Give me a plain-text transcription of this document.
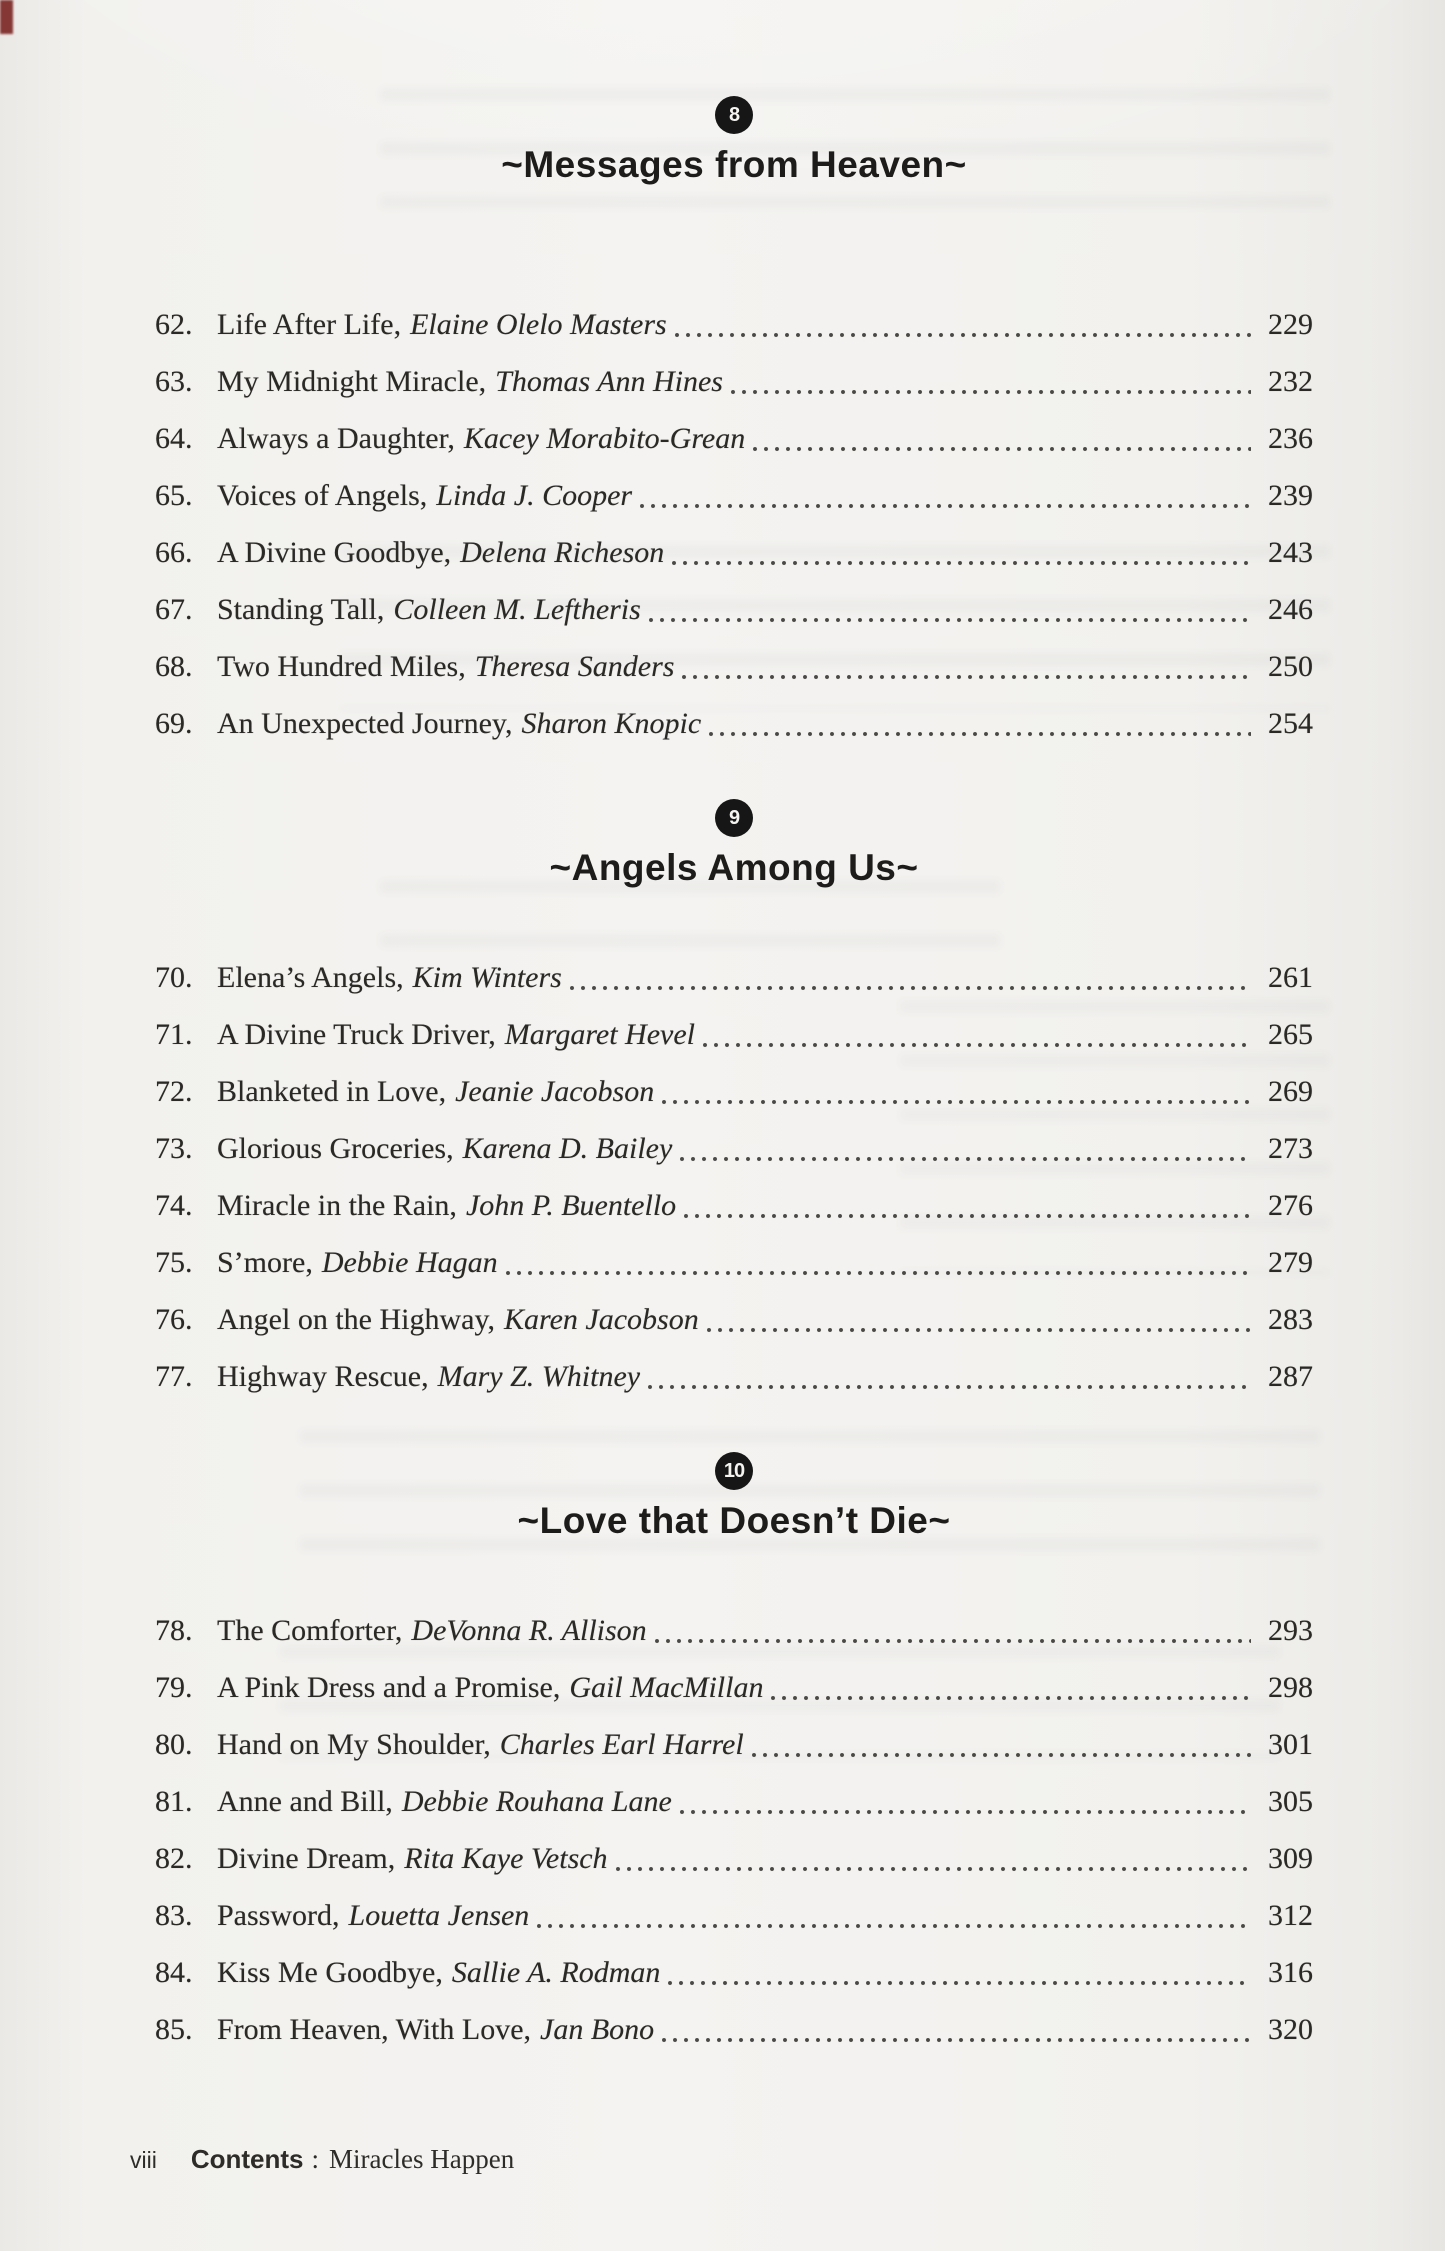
8
~Messages from Heaven~
62. Life After Life, Elaine Olelo Masters	229
63. My Midnight Miracle, Thomas Ann Hines	232
64. Always a Daughter, Kacey Morabito-Grean	236
65. Voices of Angels, Linda J. Cooper	239
66. A Divine Goodbye, Delena Richeson	243
67. Standing Tall, Colleen M. Leftheris	246
68. Two Hundred Miles, Theresa Sanders	250
69. An Unexpected Journey, Sharon Knopic	254
9
~Angels Among Us~
70. Elena’s Angels, Kim Winters	261
71. A Divine Truck Driver, Margaret Hevel	265
72. Blanketed in Love, Jeanie Jacobson	269
73. Glorious Groceries, Karena D. Bailey	273
74. Miracle in the Rain, John P. Buentello	276
75. S’more, Debbie Hagan	279
76. Angel on the Highway, Karen Jacobson	283
77. Highway Rescue, Mary Z. Whitney	287
10
~Love that Doesn’t Die~
78. The Comforter, DeVonna R. Allison	293
79. A Pink Dress and a Promise, Gail MacMillan	298
80. Hand on My Shoulder, Charles Earl Harrel	301
81. Anne and Bill, Debbie Rouhana Lane	305
82. Divine Dream, Rita Kaye Vetsch	309
83. Password, Louetta Jensen	312
84. Kiss Me Goodbye, Sallie A. Rodman	316
85. From Heaven, With Love, Jan Bono	320
viii Contents : Miracles Happen
